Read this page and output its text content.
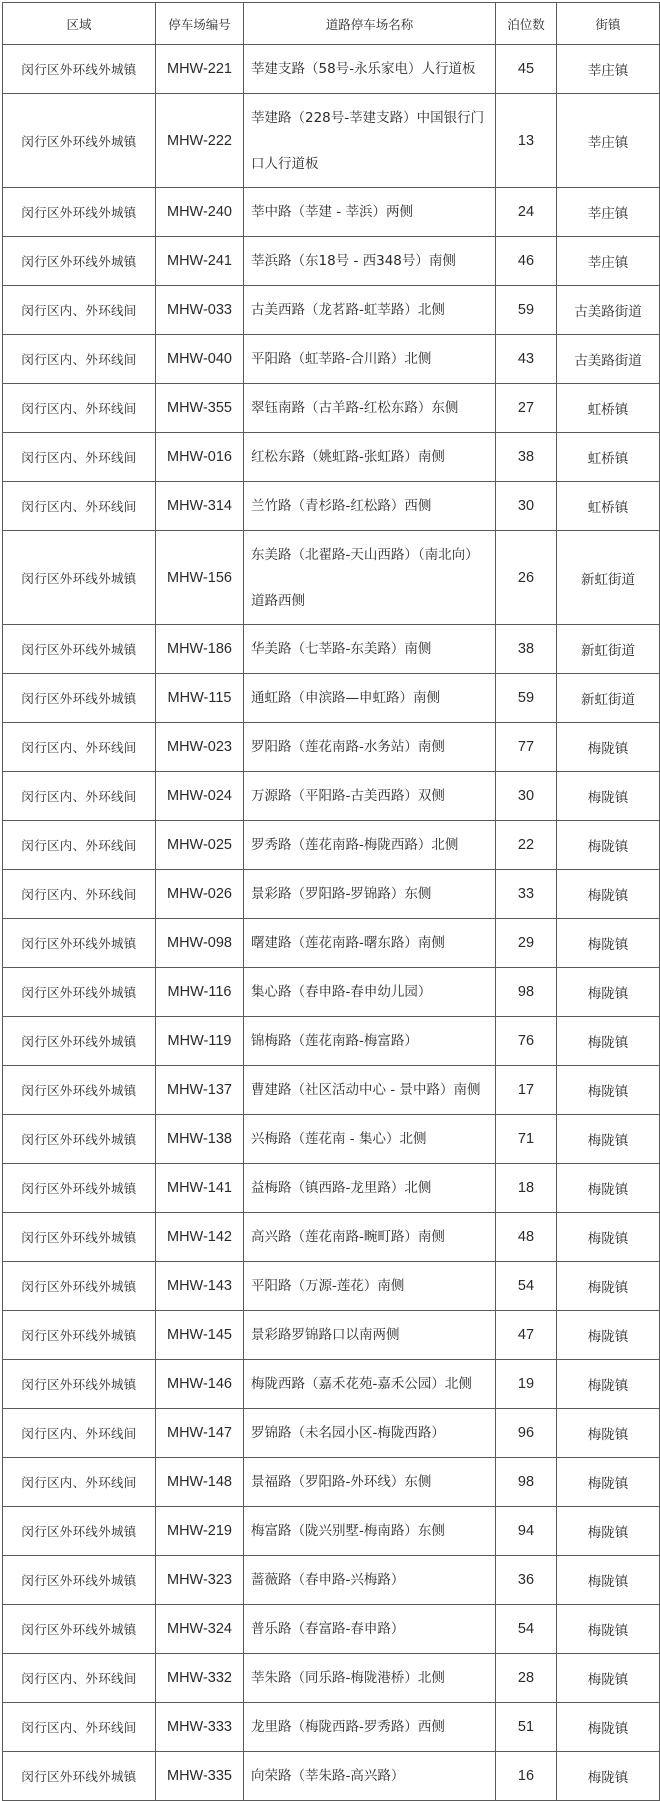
区域	停车场编号	道路停车场名称	泊位数	街镇
闵行区外环线外城镇	MHW-221	莘建支路（58号-永乐家电）人行道板	45	莘庄镇
闵行区外环线外城镇	MHW-222	莘建路（228号-莘建支路）中国银行门口人行道板	13	莘庄镇
闵行区外环线外城镇	MHW-240	莘中路（莘建 - 莘浜）两侧	24	莘庄镇
闵行区外环线外城镇	MHW-241	莘浜路（东18号 - 西348号）南侧	46	莘庄镇
闵行区内、外环线间	MHW-033	古美西路（龙茗路-虹莘路）北侧	59	古美路街道
闵行区内、外环线间	MHW-040	平阳路（虹莘路-合川路）北侧	43	古美路街道
闵行区内、外环线间	MHW-355	翠钰南路（古羊路-红松东路）东侧	27	虹桥镇
闵行区内、外环线间	MHW-016	红松东路（姚虹路-张虹路）南侧	38	虹桥镇
闵行区内、外环线间	MHW-314	兰竹路（青杉路-红松路）西侧	30	虹桥镇
闵行区外环线外城镇	MHW-156	东美路（北翟路-天山西路）（南北向）道路西侧	26	新虹街道
闵行区外环线外城镇	MHW-186	华美路（七莘路-东美路）南侧	38	新虹街道
闵行区外环线外城镇	MHW-115	通虹路（申滨路—申虹路）南侧	59	新虹街道
闵行区内、外环线间	MHW-023	罗阳路（莲花南路-水务站）南侧	77	梅陇镇
闵行区内、外环线间	MHW-024	万源路（平阳路-古美西路）双侧	30	梅陇镇
闵行区内、外环线间	MHW-025	罗秀路（莲花南路-梅陇西路）北侧	22	梅陇镇
闵行区内、外环线间	MHW-026	景彩路（罗阳路-罗锦路）东侧	33	梅陇镇
闵行区外环线外城镇	MHW-098	曙建路（莲花南路-曙东路）南侧	29	梅陇镇
闵行区外环线外城镇	MHW-116	集心路（春申路-春申幼儿园）	98	梅陇镇
闵行区外环线外城镇	MHW-119	锦梅路（莲花南路-梅富路）	76	梅陇镇
闵行区外环线外城镇	MHW-137	曹建路（社区活动中心 - 景中路）南侧	17	梅陇镇
闵行区外环线外城镇	MHW-138	兴梅路（莲花南 - 集心）北侧	71	梅陇镇
闵行区外环线外城镇	MHW-141	益梅路（镇西路-龙里路）北侧	18	梅陇镇
闵行区外环线外城镇	MHW-142	高兴路（莲花南路-畹町路）南侧	48	梅陇镇
闵行区外环线外城镇	MHW-143	平阳路（万源-莲花）南侧	54	梅陇镇
闵行区外环线外城镇	MHW-145	景彩路罗锦路口以南两侧	47	梅陇镇
闵行区外环线外城镇	MHW-146	梅陇西路（嘉禾花苑-嘉禾公园）北侧	19	梅陇镇
闵行区内、外环线间	MHW-147	罗锦路（未名园小区-梅陇西路）	96	梅陇镇
闵行区内、外环线间	MHW-148	景福路（罗阳路-外环线）东侧	98	梅陇镇
闵行区外环线外城镇	MHW-219	梅富路（陇兴别墅-梅南路）东侧	94	梅陇镇
闵行区外环线外城镇	MHW-323	蔷薇路（春申路-兴梅路）	36	梅陇镇
闵行区外环线外城镇	MHW-324	普乐路（春富路-春申路）	54	梅陇镇
闵行区内、外环线间	MHW-332	莘朱路（同乐路-梅陇港桥）北侧	28	梅陇镇
闵行区内、外环线间	MHW-333	龙里路（梅陇西路-罗秀路）西侧	51	梅陇镇
闵行区外环线外城镇	MHW-335	向荣路（莘朱路-高兴路）	16	梅陇镇
